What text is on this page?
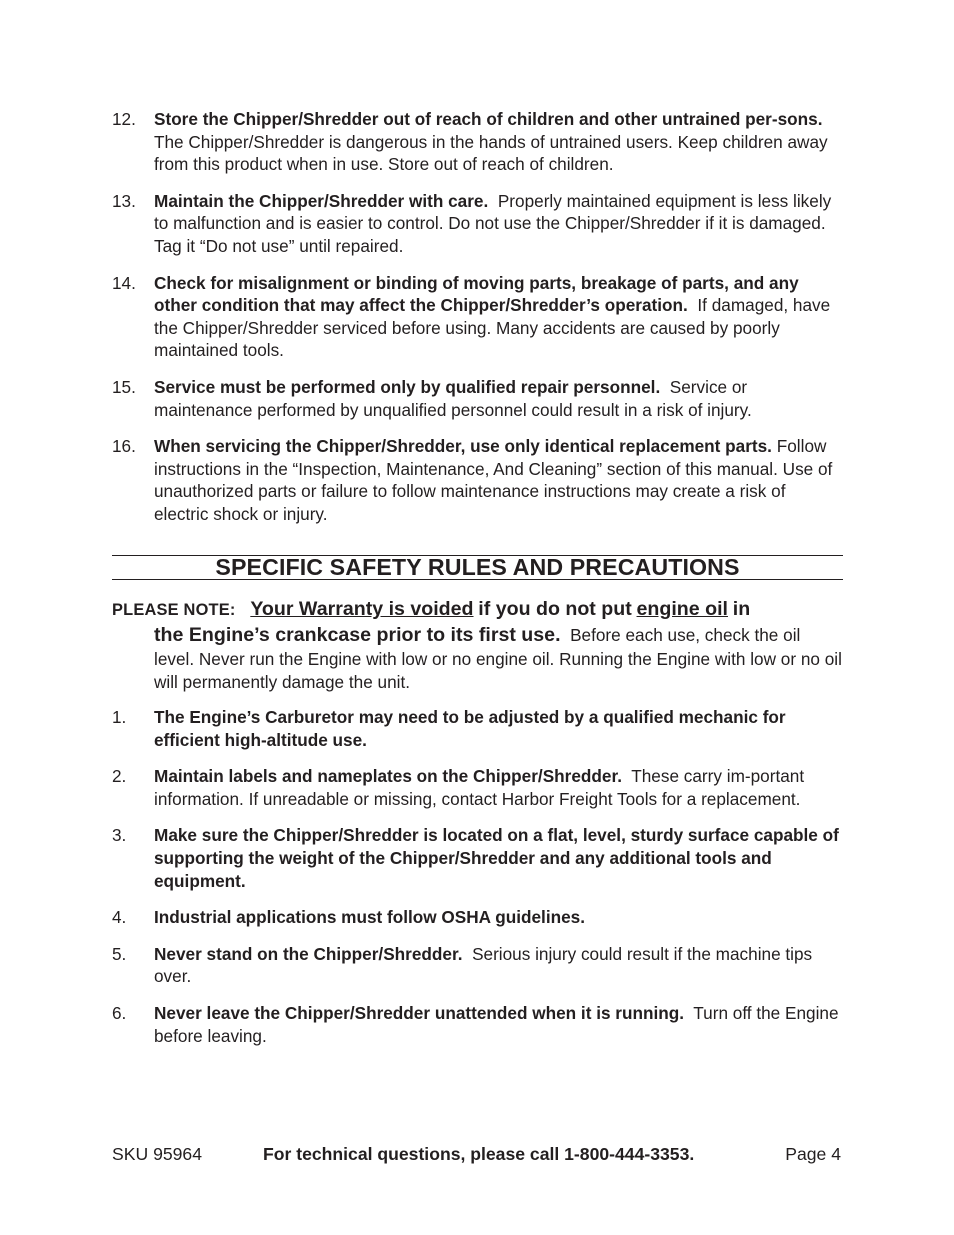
12. Store the Chipper/Shredder out of reach of children and other untrained per-sons.  The Chipper/Shredder is dangerous in the hands of untrained users. Keep children away from this product when in use. Store out of reach of children.
13. Maintain the Chipper/Shredder with care. Properly maintained equipment is less likely to malfunction and is easier to control. Do not use the Chipper/Shredder if it is damaged. Tag it “Do not use” until repaired.
14. Check for misalignment or binding of moving parts, breakage of parts, and any other condition that may affect the Chipper/Shredder’s operation. If damaged, have the Chipper/Shredder serviced before using. Many accidents are caused by poorly maintained tools.
15. Service must be performed only by qualified repair personnel. Service or maintenance performed by unqualified personnel could result in a risk of injury.
16. When servicing the Chipper/Shredder, use only identical replacement parts. Follow instructions in the “Inspection, Maintenance, And Cleaning” section of this manual. Use of unauthorized parts or failure to follow maintenance instructions may create a risk of electric shock or injury.
SPECIFIC SAFETY RULES AND PRECAUTIONS
PLEASE NOTE: Your Warranty is voided if you do not put engine oil in
the Engine’s crankcase prior to its first use. Before each use, check the oil level. Never run the Engine with low or no engine oil. Running the Engine with low or no oil will permanently damage the unit.
1. The Engine’s Carburetor may need to be adjusted by a qualified mechanic for efficient high-altitude use.
2. Maintain labels and nameplates on the Chipper/Shredder. These carry im-portant information. If unreadable or missing, contact Harbor Freight Tools for a replacement.
3. Make sure the Chipper/Shredder is located on a flat, level, sturdy surface capable of supporting the weight of the Chipper/Shredder and any additional tools and equipment.
4. Industrial applications must follow OSHA guidelines.
5. Never stand on the Chipper/Shredder. Serious injury could result if the machine tips over.
6. Never leave the Chipper/Shredder unattended when it is running. Turn off the Engine before leaving.
SKU 95964	For technical questions, please call 1-800-444-3353.	Page 4
